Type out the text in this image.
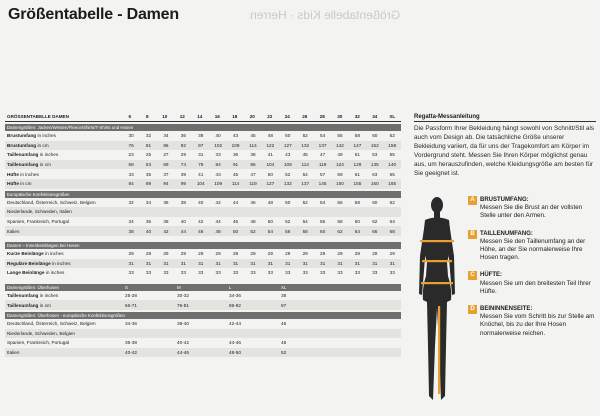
Größentabelle - Damen	Größentabelle Kids · Herren
GRÖSSENTABELLE DAMEN	6	8	10	12	14	16	18	20	22	24	26	28	30	32	34	XL
Damengrößen: Jacken/Westen/Fleece/Shirts/T-Shirts und Hosen
Brustumfang in inches	30	32	34	36	38	40	43	45	48	50	52	54	56	58	60	62
Brustumfang in cm	76	81	86	92	97	102	109	114	122	127	132	137	142	147	152	158
Taillenumfang in inches	23	25	27	29	31	33	36	38	41	43	45	47	49	51	53	55
Taillenumfang in cm	58	63	69	74	79	84	91	96	104	109	114	119	124	129	135	140
Hüfte in inches	33	35	37	39	41	43	45	47	50	52	54	57	59	61	63	65
Hüfte in cm	84	89	94	99	104	109	114	119	127	132	137	145	150	155	160	165
Europäische Konfektionsgrößen
Deutschland, Österreich, Schweiz, Belgien	32	34	36	38	40	42	44	46	48	50	52	54	56	58	60	62
Niederlande, Schweden, Italien
Spanien, Frankreich, Portugal	34	36	38	40	42	44	46	48	50	52	54	56	58	60	62	64
Italien	38	40	42	44	46	48	50	52	54	56	58	60	62	64	66	68
Damen – Innenbeinlängen bei Hosen
Kurze Beinlänge in inches	29	29	29	29	29	29	29	29	29	29	29	29	29	29	29	29
Reguläre Beinlänge in inches	31	31	31	31	31	31	31	31	31	31	31	31	31	31	31	31
Lange Beinlänge in inches	33	33	33	33	33	33	33	33	33	33	33	33	33	33	33	33
Damengrößen: Überhosen	S	M	L	XL
Taillenumfang in inches	25-28	30-32	34-36	38
Taillenumfang in cm	66-71	76-81	86-92	97
Damengrößen: Überhosen - europäische Konfektionsgrößen
Deutschland, Österreich, Schweiz, Belgien	34-36	38-40	42-44	46
Niederlande, Schweden, Belgien
Spanien, Frankreich, Portugal	36-38	40-42	44-46	48
Italien	40-42	44-46	48-50	52
Regatta-Messanleitung
Die Passform Ihrer Bekleidung hängt sowohl von Schnitt/Stil als auch vom Design ab. Die tatsächliche Größe unserer Bekleidung variiert, da für uns der Tragekomfort am Körper im Vordergrund steht. Messen Sie Ihren Körper möglichst genau aus, um herauszufinden, welche Kleidungsgröße am besten für Sie geeignet ist.
A BRUSTUMFANG:
Messen Sie die Brust an der vollsten Stelle unter den Armen.
B TAILLENUMFANG:
Messen Sie den Taillenumfang an der Höhe, an der Sie normalerweise Ihre Hosen tragen.
C HÜFTE:
Messen Sie um den breitesten Teil Ihrer Hüfte.
D BEININNENSEITE:
Messen Sie vom Schritt bis zur Stelle am Knöchel, bis zu der Ihre Hosen normalerweise reichen.
